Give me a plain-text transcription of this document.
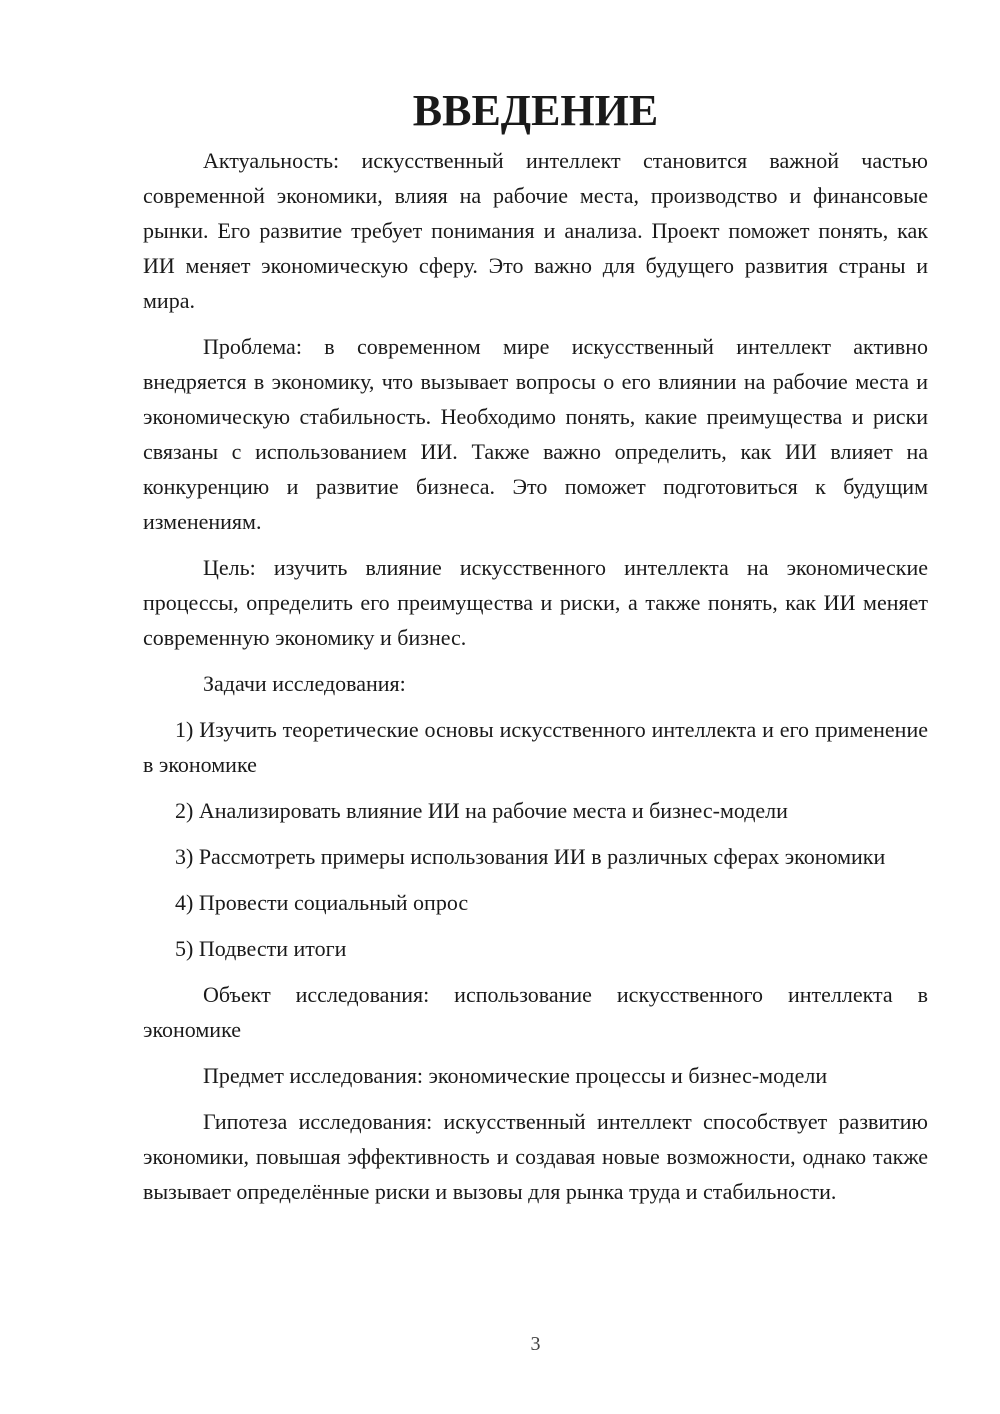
ВВЕДЕНИЕ

Актуальность: искусственный интеллект становится важной частью современной экономики, влияя на рабочие места, производство и финансовые рынки. Его развитие требует понимания и анализа. Проект поможет понять, как ИИ меняет экономическую сферу. Это важно для будущего развития страны и мира.

Проблема: в современном мире искусственный интеллект активно внедряется в экономику, что вызывает вопросы о его влиянии на рабочие места и экономическую стабильность. Необходимо понять, какие преимущества и риски связаны с использованием ИИ. Также важно определить, как ИИ влияет на конкуренцию и развитие бизнеса. Это поможет подготовиться к будущим изменениям.

Цель: изучить влияние искусственного интеллекта на экономические процессы, определить его преимущества и риски, а также понять, как ИИ меняет современную экономику и бизнес.

Задачи исследования:

1) Изучить теоретические основы искусственного интеллекта и его применение в экономике

2) Анализировать влияние ИИ на рабочие места и бизнес-модели

3) Рассмотреть примеры использования ИИ в различных сферах экономики

4) Провести социальный опрос

5) Подвести итоги

Объект исследования: использование искусственного интеллекта в экономике

Предмет исследования: экономические процессы и бизнес-модели

Гипотеза исследования: искусственный интеллект способствует развитию экономики, повышая эффективность и создавая новые возможности, однако также вызывает определённые риски и вызовы для рынка труда и стабильности.

3
